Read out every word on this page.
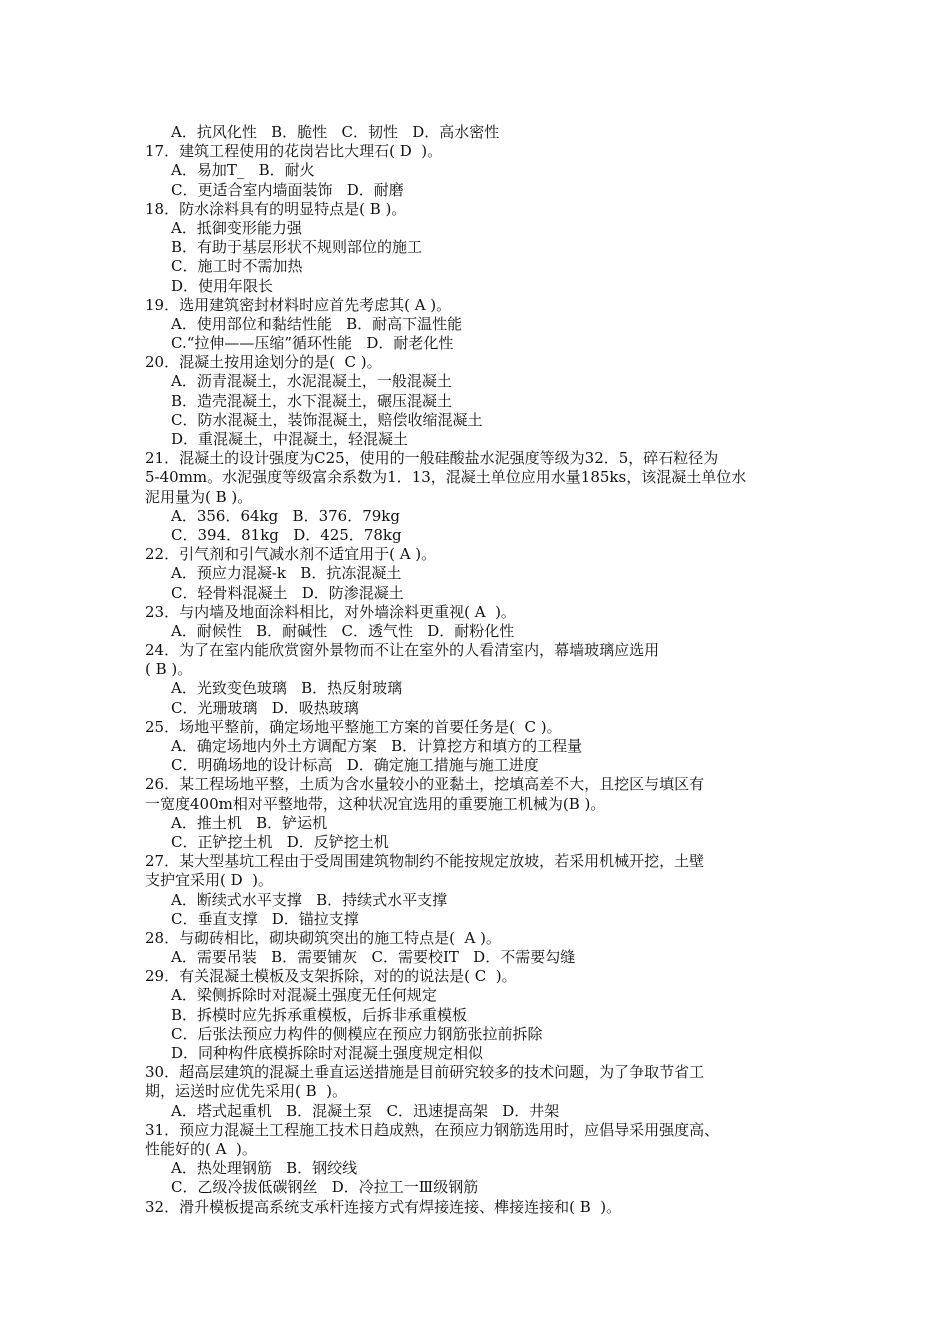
A．抗风化性   B．脆性   C．韧性   D．高水密性
17．建筑工程使用的花岗岩比大理石( D  )。
A．易加T_   B．耐火
C．更适合室内墙面装饰   D．耐磨
18．防水涂料具有的明显特点是( B )。
A．抵御变形能力强
B．有助于基层形状不规则部位的施工
C．施工时不需加热
D．使用年限长
19．选用建筑密封材料时应首先考虑其( A )。
A．使用部位和黏结性能   B．耐高下温性能
C.“拉伸——压缩”循环性能   D．耐老化性
20．混凝土按用途划分的是(  C )。
A．沥青混凝土，水泥混凝土，一般混凝土
B．造壳混凝土，水下混凝土，碾压混凝土
C．防水混凝土，装饰混凝土，赔偿收缩混凝土
D．重混凝土，中混凝土，轻混凝土
21．混凝土的设计强度为C25，使用的一般硅酸盐水泥强度等级为32．5，碎石粒径为
5-40mm。水泥强度等级富余系数为1．13，混凝土单位应用水量185ks，该混凝土单位水
泥用量为( B )。
A．356．64kg   B．376．79kg
C．394．81kg   D．425．78kg
22．引气剂和引气减水剂不适宜用于( A )。
A．预应力混凝-k   B．抗冻混凝土
C．轻骨料混凝土   D．防渗混凝土
23．与内墙及地面涂料相比，对外墙涂料更重视( A  )。
A．耐候性   B．耐碱性   C．透气性   D．耐粉化性
24．为了在室内能欣赏窗外景物而不让在室外的人看清室内，幕墙玻璃应选用
( B )。
A．光致变色玻璃   B．热反射玻璃
C．光珊玻璃   D．吸热玻璃
25．场地平整前，确定场地平整施工方案的首要任务是(  C )。
A．确定场地内外土方调配方案   B．计算挖方和填方的工程量
C．明确场地的设计标高   D．确定施工措施与施工进度
26．某工程场地平整，土质为含水量较小的亚黏土，挖填高差不大，且挖区与填区有
一宽度400m相对平整地带，这种状况宜选用的重要施工机械为(B )。
A．推土机   B．铲运机
C．正铲挖土机   D．反铲挖土机
27．某大型基坑工程由于受周围建筑物制约不能按规定放坡，若采用机械开挖，土壁
支护宜采用( D  )。
A．断续式水平支撑   B．持续式水平支撑
C．垂直支撑   D．锚拉支撑
28．与砌砖相比，砌块砌筑突出的施工特点是(  A )。
A．需要吊装   B．需要铺灰   C．需要校IT   D．不需要勾缝
29．有关混凝土模板及支架拆除，对的的说法是( C  )。
A．梁侧拆除时对混凝土强度无任何规定
B．拆模时应先拆承重模板，后拆非承重模板
C．后张法预应力构件的侧模应在预应力钢筋张拉前拆除
D．同种构件底模拆除时对混凝土强度规定相似
30．超高层建筑的混凝土垂直运送措施是目前研究较多的技术问题，为了争取节省工
期，运送时应优先采用( B  )。
A．塔式起重机   B．混凝土泵   C．迅速提高架   D．井架
31．预应力混凝土工程施工技术日趋成熟，在预应力钢筋选用时，应倡导采用强度高、
性能好的( A  )。
A．热处理钢筋   B．钢绞线
C．乙级冷拔低碳钢丝   D．冷拉工一Ⅲ级钢筋
32．滑升模板提高系统支承杆连接方式有焊接连接、榫接连接和( B  )。
